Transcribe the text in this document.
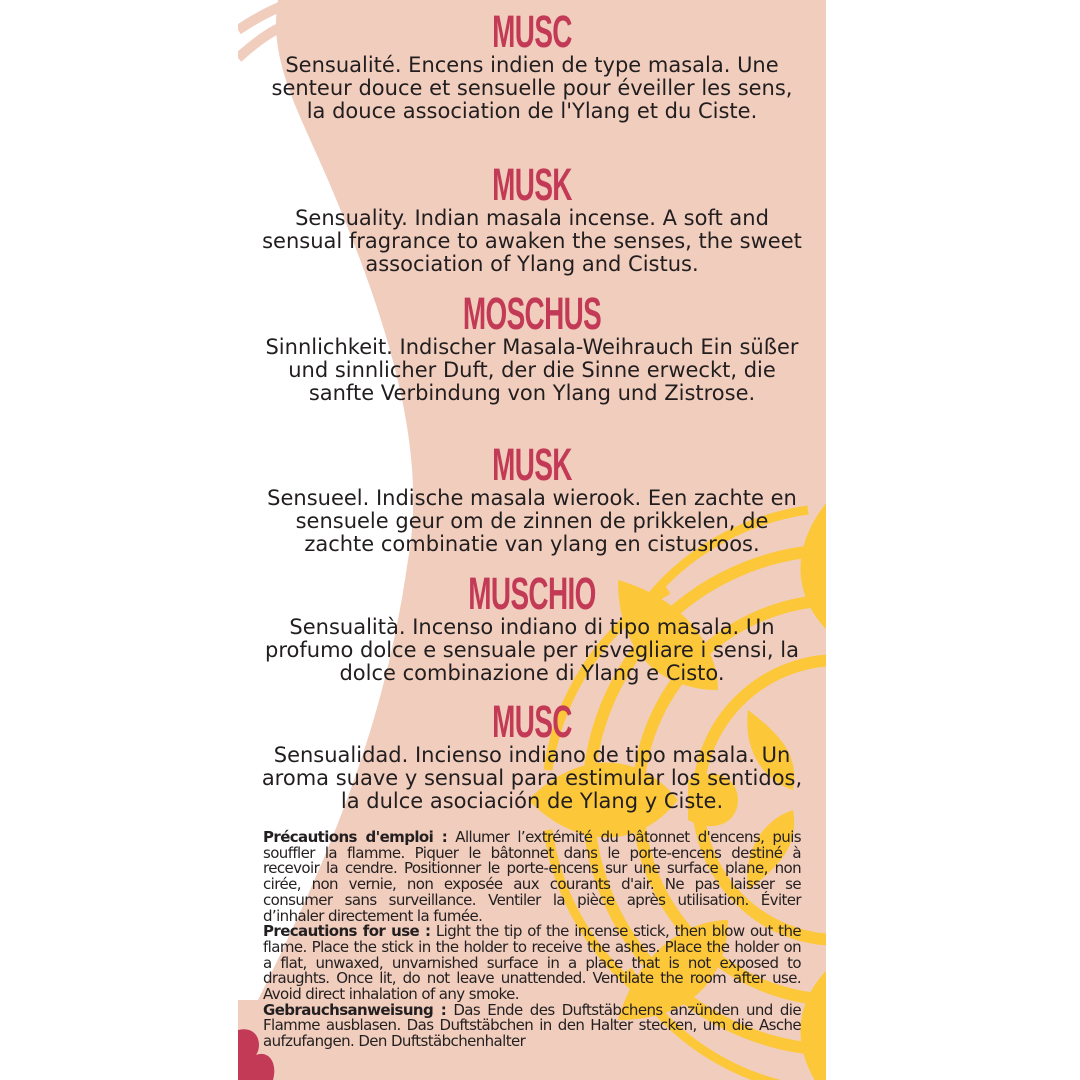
MUSC
Sensualité. Encens indien de type masala. Une senteur douce et sensuelle pour éveiller les sens, la douce association de l'Ylang et du Ciste.
MUSK
Sensuality. Indian masala incense. A soft and sensual fragrance to awaken the senses, the sweet association of Ylang and Cistus.
MOSCHUS
Sinnlichkeit. Indischer Masala-Weihrauch Ein süßer und sinnlicher Duft, der die Sinne erweckt, die sanfte Verbindung von Ylang und Zistrose.
MUSK
Sensueel. Indische masala wierook. Een zachte en sensuele geur om de zinnen de prikkelen, de zachte combinatie van ylang en cistusroos.
MUSCHIO
Sensualità. Incenso indiano di tipo masala. Un profumo dolce e sensuale per risvegliare i sensi, la dolce combinazione di Ylang e Cisto.
MUSC
Sensualidad. Incienso indiano de tipo masala. Un aroma suave y sensual para estimular los sentidos, la dulce asociación de Ylang y Ciste.

Précautions d'emploi : Allumer l’extrémité du bâtonnet d'encens, puis souffler la flamme. Piquer le bâtonnet dans le porte-encens destiné à recevoir la cendre. Positionner le porte-encens sur une surface plane, non cirée, non vernie, non exposée aux courants d'air. Ne pas laisser se consumer sans surveillance. Ventiler la pièce après utilisation. Éviter d’inhaler directement la fumée.

Precautions for use : Light the tip of the incense stick, then blow out the flame. Place the stick in the holder to receive the ashes. Place the holder on a flat, unwaxed, unvarnished surface in a place that is not exposed to draughts. Once lit, do not leave unattended. Ventilate the room after use. Avoid direct inhalation of any smoke.

Gebrauchsanweisung : Das Ende des Duftstäbchens anzünden und die Flamme ausblasen. Das Duftstäbchen in den Halter stecken, um die Asche aufzufangen. Den Duftstäbchenhalter
